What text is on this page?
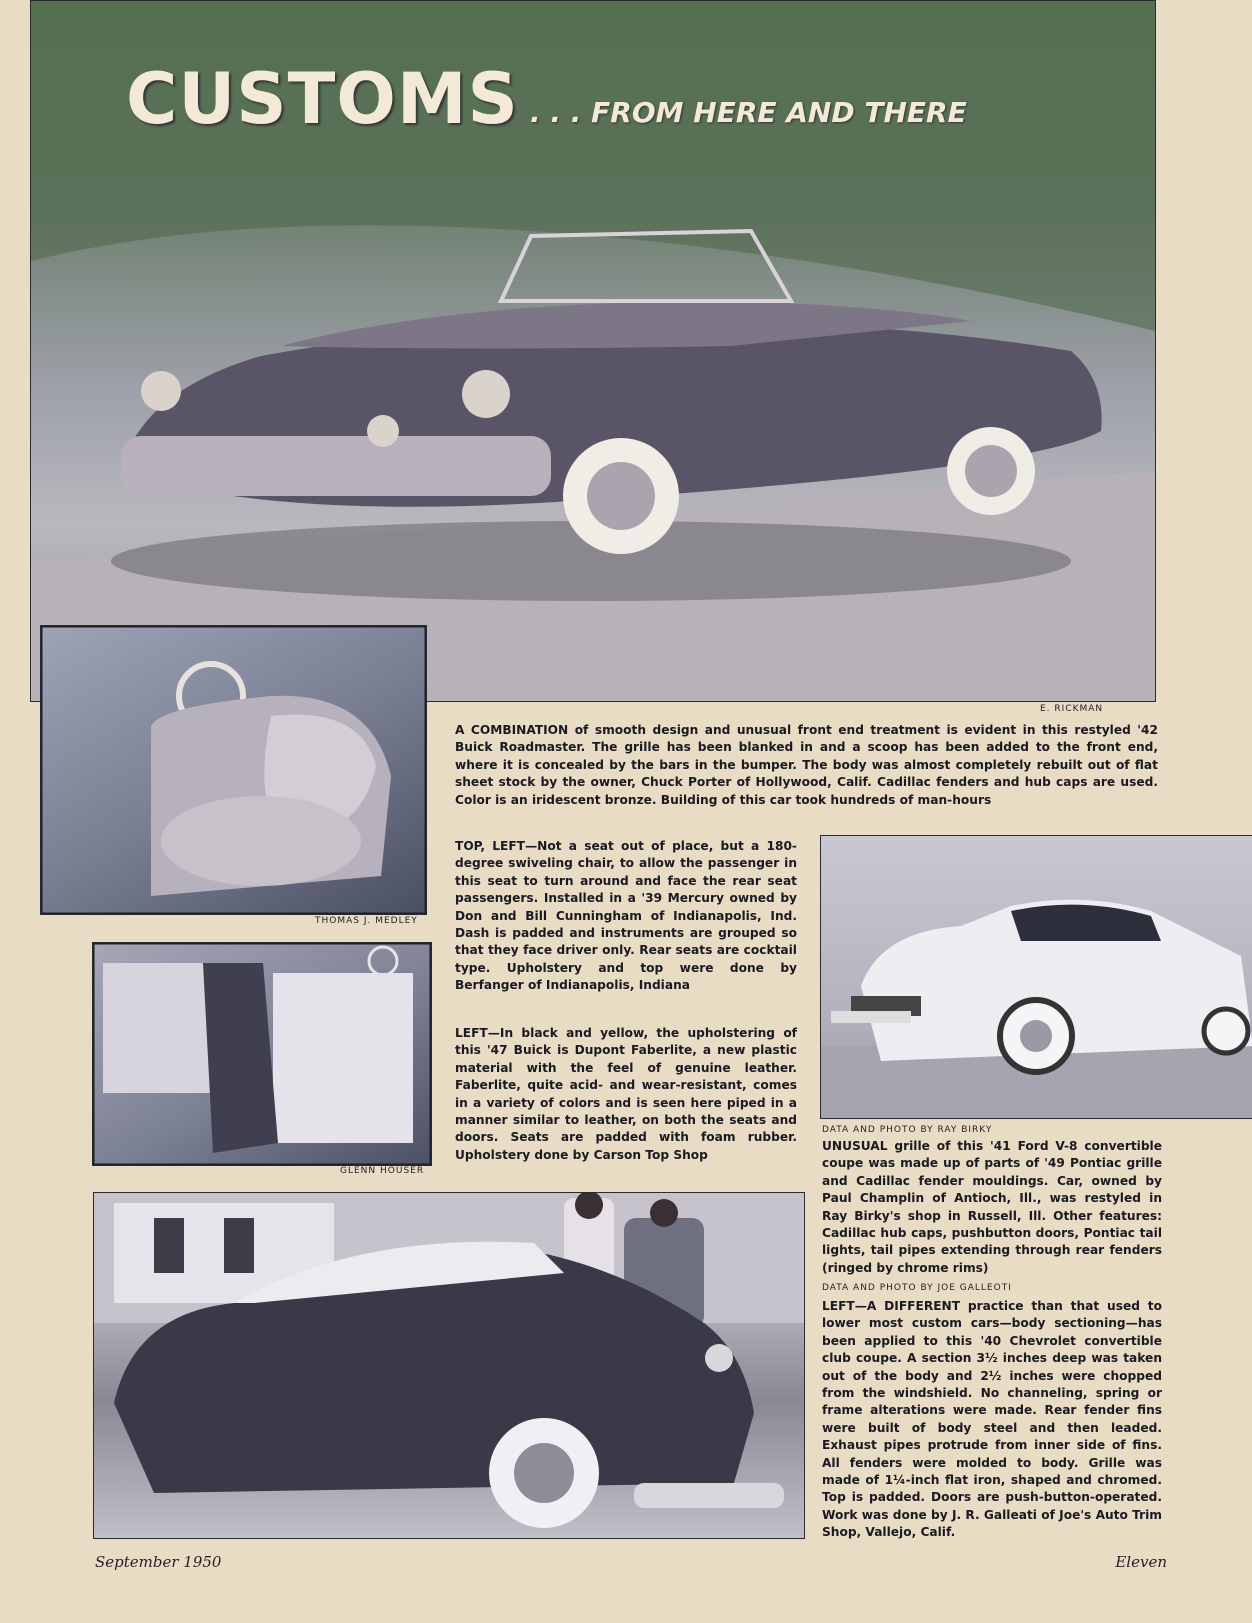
CUSTOMS . . . FROM HERE AND THERE
E. RICKMAN
THOMAS J. MEDLEY
GLENN HOUSER
DATA AND PHOTO BY RAY BIRKY
DATA AND PHOTO BY JOE GALLEOTI
A COMBINATION of smooth design and unusual front end treatment is evident in this restyled '42 Buick Roadmaster. The grille has been blanked in and a scoop has been added to the front end, where it is concealed by the bars in the bumper. The body was almost completely rebuilt out of flat sheet stock by the owner, Chuck Porter of Hollywood, Calif. Cadillac fenders and hub caps are used. Color is an iridescent bronze. Building of this car took hundreds of man-hours
TOP, LEFT—Not a seat out of place, but a 180-degree swiveling chair, to allow the passenger in this seat to turn around and face the rear seat passengers. Installed in a '39 Mercury owned by Don and Bill Cunningham of Indianapolis, Ind. Dash is padded and instruments are grouped so that they face driver only. Rear seats are cocktail type. Upholstery and top were done by Berfanger of Indianapolis, Indiana
LEFT—In black and yellow, the upholstering of this '47 Buick is Dupont Faberlite, a new plastic material with the feel of genuine leather. Faberlite, quite acid- and wear-resistant, comes in a variety of colors and is seen here piped in a manner similar to leather, on both the seats and doors. Seats are padded with foam rubber. Upholstery done by Carson Top Shop
UNUSUAL grille of this '41 Ford V-8 convertible coupe was made up of parts of '49 Pontiac grille and Cadillac fender mouldings. Car, owned by Paul Champlin of Antioch, Ill., was restyled in Ray Birky's shop in Russell, Ill. Other features: Cadillac hub caps, pushbutton doors, Pontiac tail lights, tail pipes extending through rear fenders (ringed by chrome rims)
LEFT—A DIFFERENT practice than that used to lower most custom cars—body sectioning—has been applied to this '40 Chevrolet convertible club coupe. A section 3½ inches deep was taken out of the body and 2½ inches were chopped from the windshield. No channeling, spring or frame alterations were made. Rear fender fins were built of body steel and then leaded. Exhaust pipes protrude from inner side of fins. All fenders were molded to body. Grille was made of 1¼-inch flat iron, shaped and chromed. Top is padded. Doors are push-button-operated. Work was done by J. R. Galleati of Joe's Auto Trim Shop, Vallejo, Calif.
September 1950	Eleven
